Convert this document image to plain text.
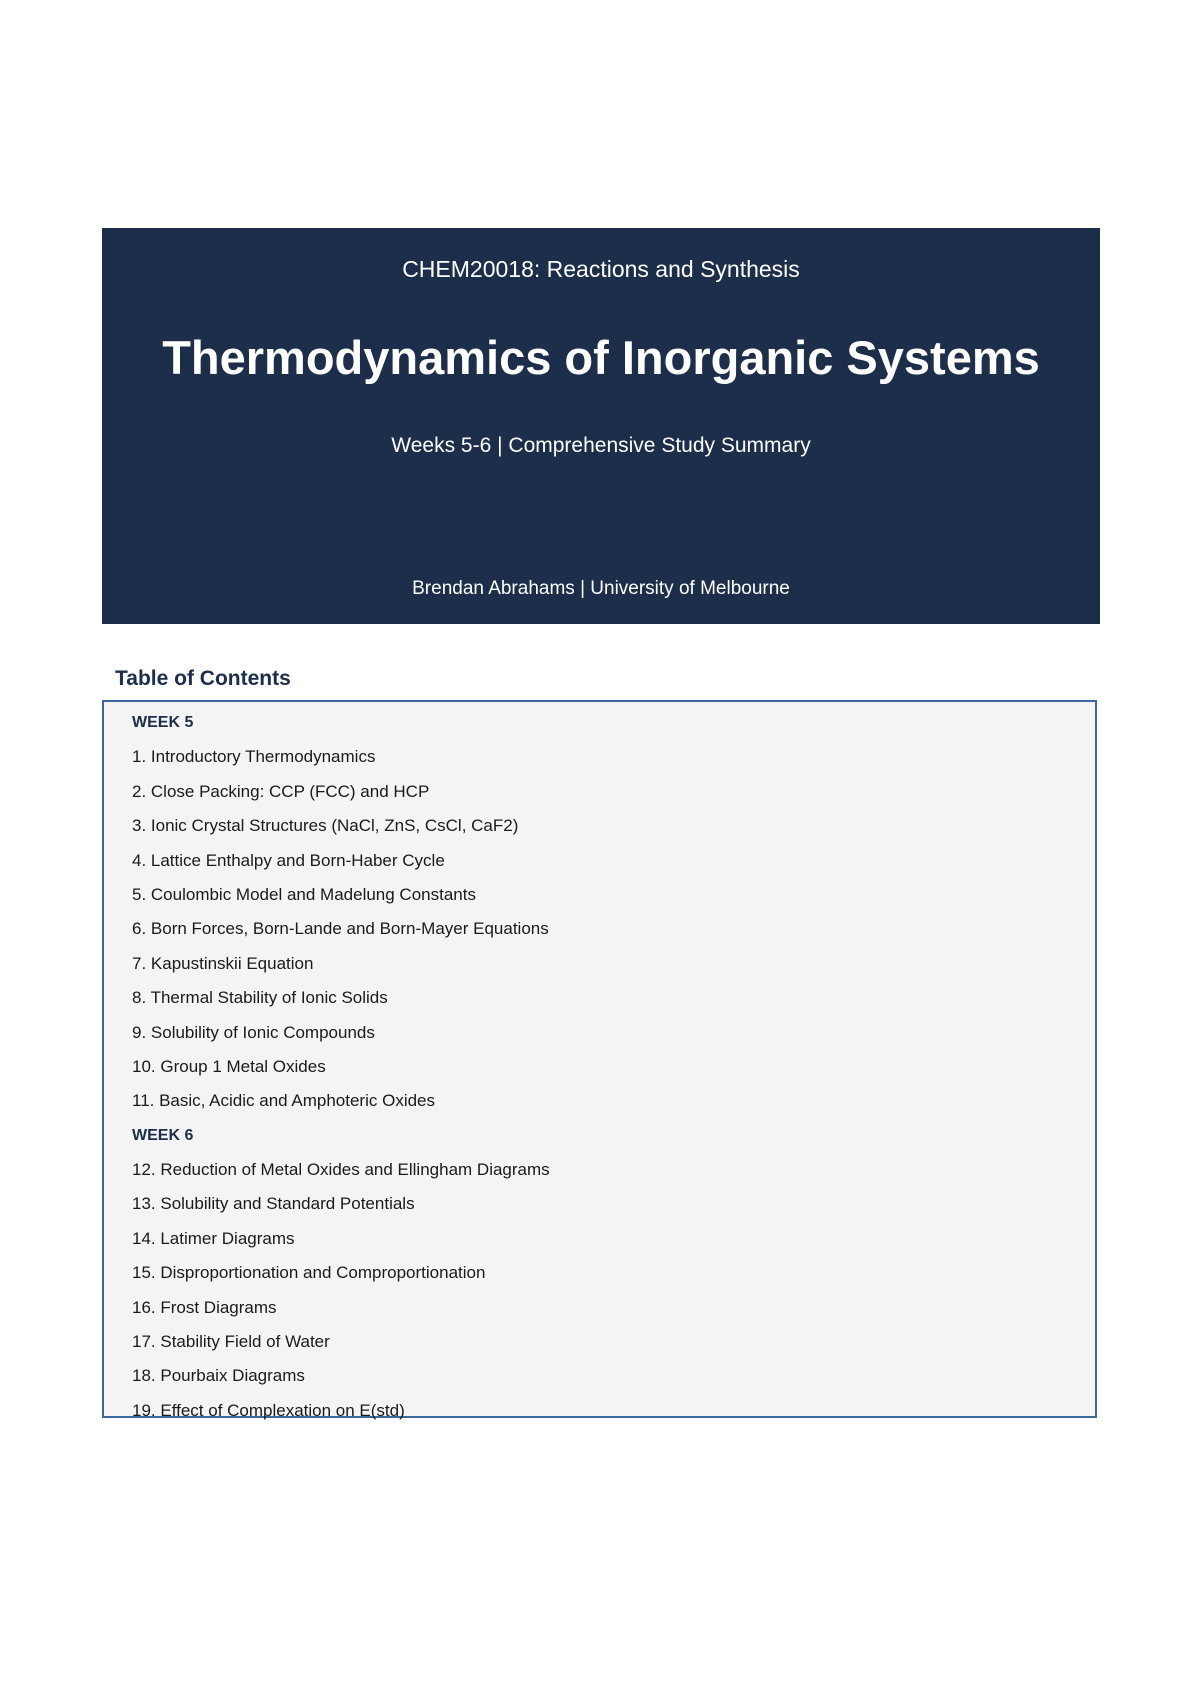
CHEM20018: Reactions and Synthesis
Thermodynamics of Inorganic Systems
Weeks 5-6 | Comprehensive Study Summary
Brendan Abrahams | University of Melbourne
Table of Contents
WEEK 5
1. Introductory Thermodynamics
2. Close Packing: CCP (FCC) and HCP
3. Ionic Crystal Structures (NaCl, ZnS, CsCl, CaF2)
4. Lattice Enthalpy and Born-Haber Cycle
5. Coulombic Model and Madelung Constants
6. Born Forces, Born-Lande and Born-Mayer Equations
7. Kapustinskii Equation
8. Thermal Stability of Ionic Solids
9. Solubility of Ionic Compounds
10. Group 1 Metal Oxides
11. Basic, Acidic and Amphoteric Oxides
WEEK 6
12. Reduction of Metal Oxides and Ellingham Diagrams
13. Solubility and Standard Potentials
14. Latimer Diagrams
15. Disproportionation and Comproportionation
16. Frost Diagrams
17. Stability Field of Water
18. Pourbaix Diagrams
19. Effect of Complexation on E(std)
